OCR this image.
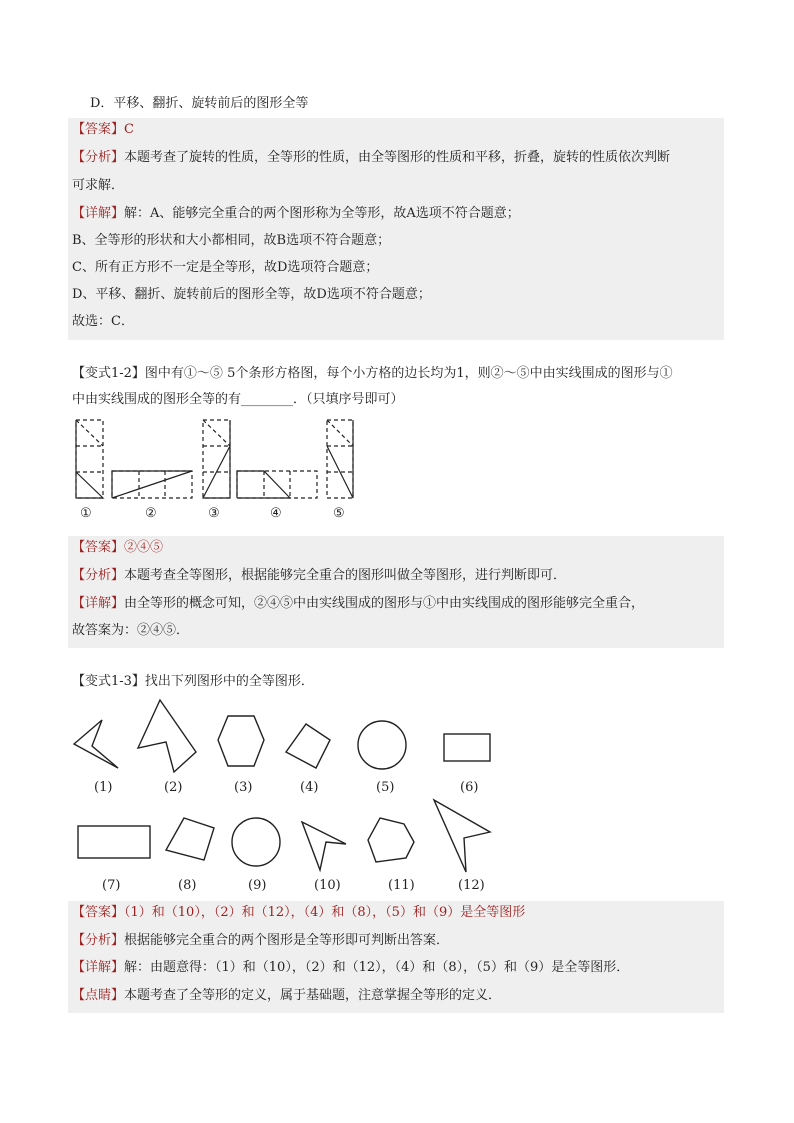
D．平移、翻折、旋转前后的图形全等
【答案】C
【分析】本题考查了旋转的性质，全等形的性质，由全等图形的性质和平移，折叠，旋转的性质依次判断
可求解．
【详解】解：A、能够完全重合的两个图形称为全等形，故A选项不符合题意；
B、全等形的形状和大小都相同，故B选项不符合题意；
C、所有正方形不一定是全等形，故D选项符合题意；
D、平移、翻折、旋转前后的图形全等，故D选项不符合题意；
故选：C．
【变式1-2】图中有①～⑤ 5个条形方格图，每个小方格的边长均为1，则②～⑤中由实线围成的图形与①
中由实线围成的图形全等的有________．（只填序号即可）
①	②	③	④	⑤
【答案】②④⑤
【分析】本题考查全等图形，根据能够完全重合的图形叫做全等图形，进行判断即可．
【详解】由全等形的概念可知，②④⑤中由实线围成的图形与①中由实线围成的图形能够完全重合，
故答案为：②④⑤．
【变式1-3】找出下列图形中的全等图形．
(1)	(2)	(3)	(4)	(5)	(6)
(7)	(8)	(9)	(10)	(11)	(12)
【答案】（1）和（10），（2）和（12），（4）和（8），（5）和（9）是全等图形
【分析】根据能够完全重合的两个图形是全等形即可判断出答案．
【详解】解：由题意得：（1）和（10），（2）和（12），（4）和（8），（5）和（9）是全等图形．
【点睛】本题考查了全等形的定义，属于基础题，注意掌握全等形的定义．
